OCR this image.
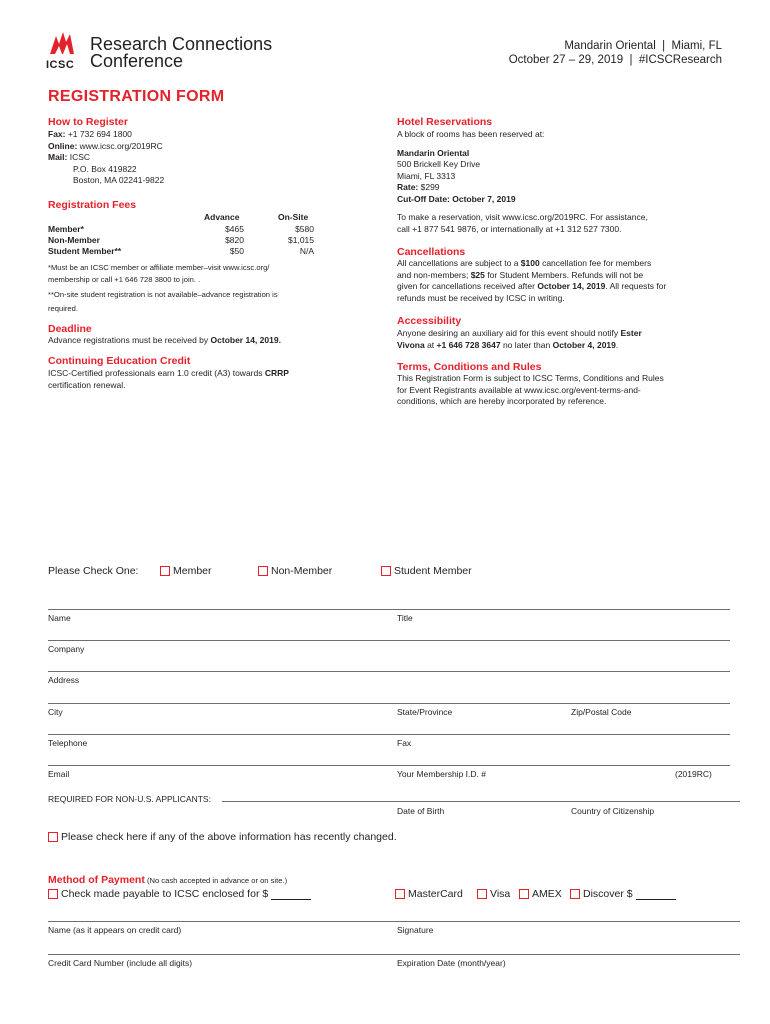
ICSC
Research Connections
Conference
Mandarin Oriental  |  Miami, FL
October 27 – 29, 2019  |  #ICSCResearch
REGISTRATION FORM
How to Register
Fax: +1 732 694 1800
Online: www.icsc.org/2019RC
Mail: ICSC
P.O. Box 419822
Boston, MA 02241-9822
Registration Fees
Advance	On-Site
Member*	$465	$580
Non-Member	$820	$1,015
Student Member**	$50	N/A
*Must be an ICSC member or affiliate member–visit www.icsc.org/
membership or call +1 646 728 3800 to join. .
**On-site student registration is not available–advance registration is
required.
Deadline
Advance registrations must be received by October 14, 2019.
Continuing Education Credit
ICSC-Certified professionals earn 1.0 credit (A3) towards CRRP
certification renewal.
Hotel Reservations
A block of rooms has been reserved at:
Mandarin Oriental
500 Brickell Key Drive
Miami, FL 3313
Rate: $299
Cut-Off Date: October 7, 2019
To make a reservation, visit www.icsc.org/2019RC. For assistance,
call +1 877 541 9876, or internationally at +1 312 527 7300.
Cancellations
All cancellations are subject to a $100 cancellation fee for members
and non-members; $25 for Student Members. Refunds will not be
given for cancellations received after October 14, 2019. All requests for
refunds must be received by ICSC in writing.
Accessibility
Anyone desiring an auxiliary aid for this event should notify Ester
Vivona at +1 646 728 3647 no later than October 4, 2019.
Terms, Conditions and Rules
This Registration Form is subject to ICSC Terms, Conditions and Rules
for Event Registrants available at www.icsc.org/event-terms-and-
conditions, which are hereby incorporated by reference.
Please Check One:	Member	Non-Member	Student Member
Name	Title
Company
Address
City	State/Province	Zip/Postal Code
Telephone	Fax
Email	Your Membership I.D. #	(2019RC)
REQUIRED FOR NON-U.S. APPLICANTS:
Date of Birth	Country of Citizenship
Please check here if any of the above information has recently changed.
Method of Payment (No cash accepted in advance or on site.)
Check made payable to ICSC enclosed for $	MasterCard	Visa AMEX Discover $
Name (as it appears on credit card)	Signature
Credit Card Number (include all digits)	Expiration Date (month/year)
